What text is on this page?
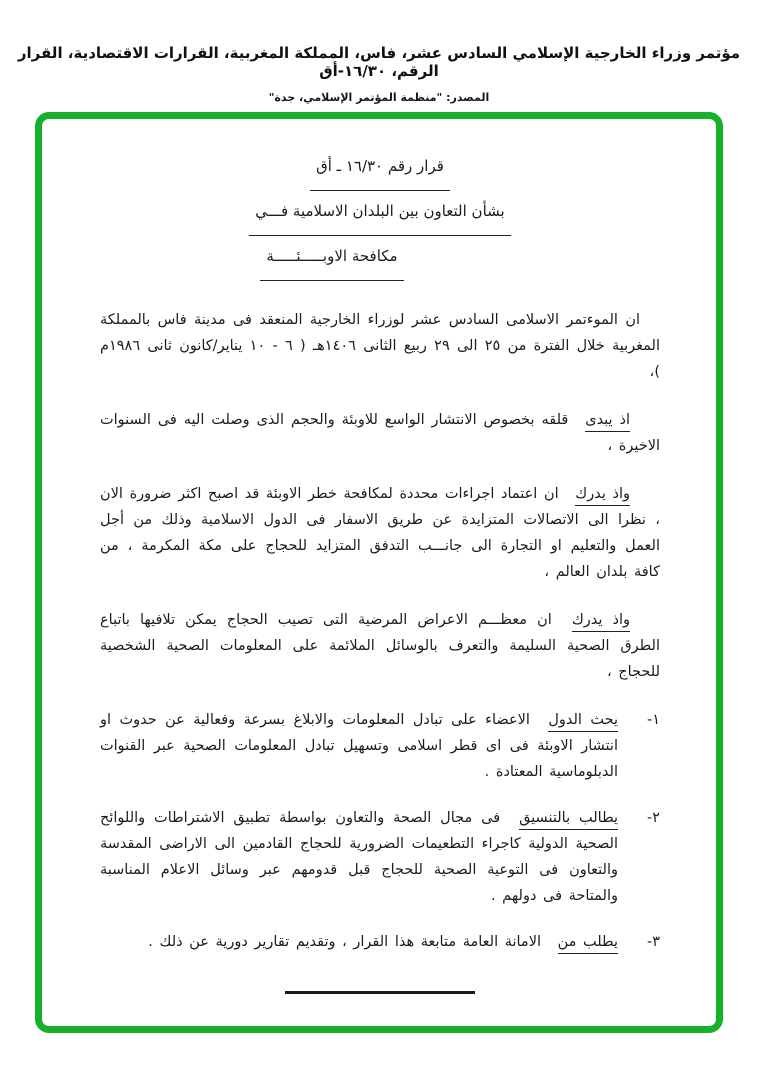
مؤتمر وزراء الخارجية الإسلامي السادس عشر، فاس، المملكة المغربية، القرارات الاقتصادية، القرار الرقم، ١٦/٣٠-أق
المصدر: "منظمة المؤتمر الإسلامي، جدة"
قرار رقم ١٦/٣٠ ـ أق
بشأن التعاون بين البلدان الاسلامية فـــي
مكافحة الاوبـــــئـــــة

ان الموءتمر الاسلامى السادس عشر لوزراء الخارجية المنعقد فى مدينة فاس بالمملكة المغربية خلال الفترة من ٢٥ الى ٢٩ ربيع الثانى ١٤٠٦هـ ( ٦ - ١٠ يناير/كانون ثانى ١٩٨٦م )،

اذ يبدى قلقه بخصوص الانتشار الواسع للاوبئة والحجم الذى وصلت اليه فى السنوات الاخيرة ،

واذ يدرك ان اعتماد اجراءات محددة لمكافحة خطر الاوبئة قد اصبح اكثر ضرورة الان ، نظرا الى الاتصالات المتزايدة عن طريق الاسفار فى الدول الاسلامية وذلك من أجل العمل والتعليم او التجارة الى جانـــب التدفق المتزايد للحجاج على مكة المكرمة ، من كافة بلدان العالم ،

واذ يدرك ان معظـــم الاعراض المرضية التى تصيب الحجاج يمكن تلافيها باتباع الطرق الصحية السليمة والتعرف بالوسائل الملائمة على المعلومات الصحية الشخصية للحجاج ،

١-

يحث الدول الاعضاء على تبادل المعلومات والابلاغ بسرعة وفعالية عن حدوث او انتشار الاوبئة فى اى قطر اسلامى وتسهيل تبادل المعلومات الصحية عبر القنوات الدبلوماسية المعتادة .

٢-

يطالب بالتنسيق فى مجال الصحة والتعاون بواسطة تطبيق الاشتراطات واللوائح الصحية الدولية كاجراء التطعيمات الضرورية للحجاج القادمين الى الاراضى المقدسة والتعاون فى التوعية الصحية للحجاج قبل قدومهم عبر وسائل الاعلام المناسبة والمتاحة فى دولهم .

٣-

يطلب من الامانة العامة متابعة هذا القرار ، وتقديم تقارير دورية عن ذلك .
